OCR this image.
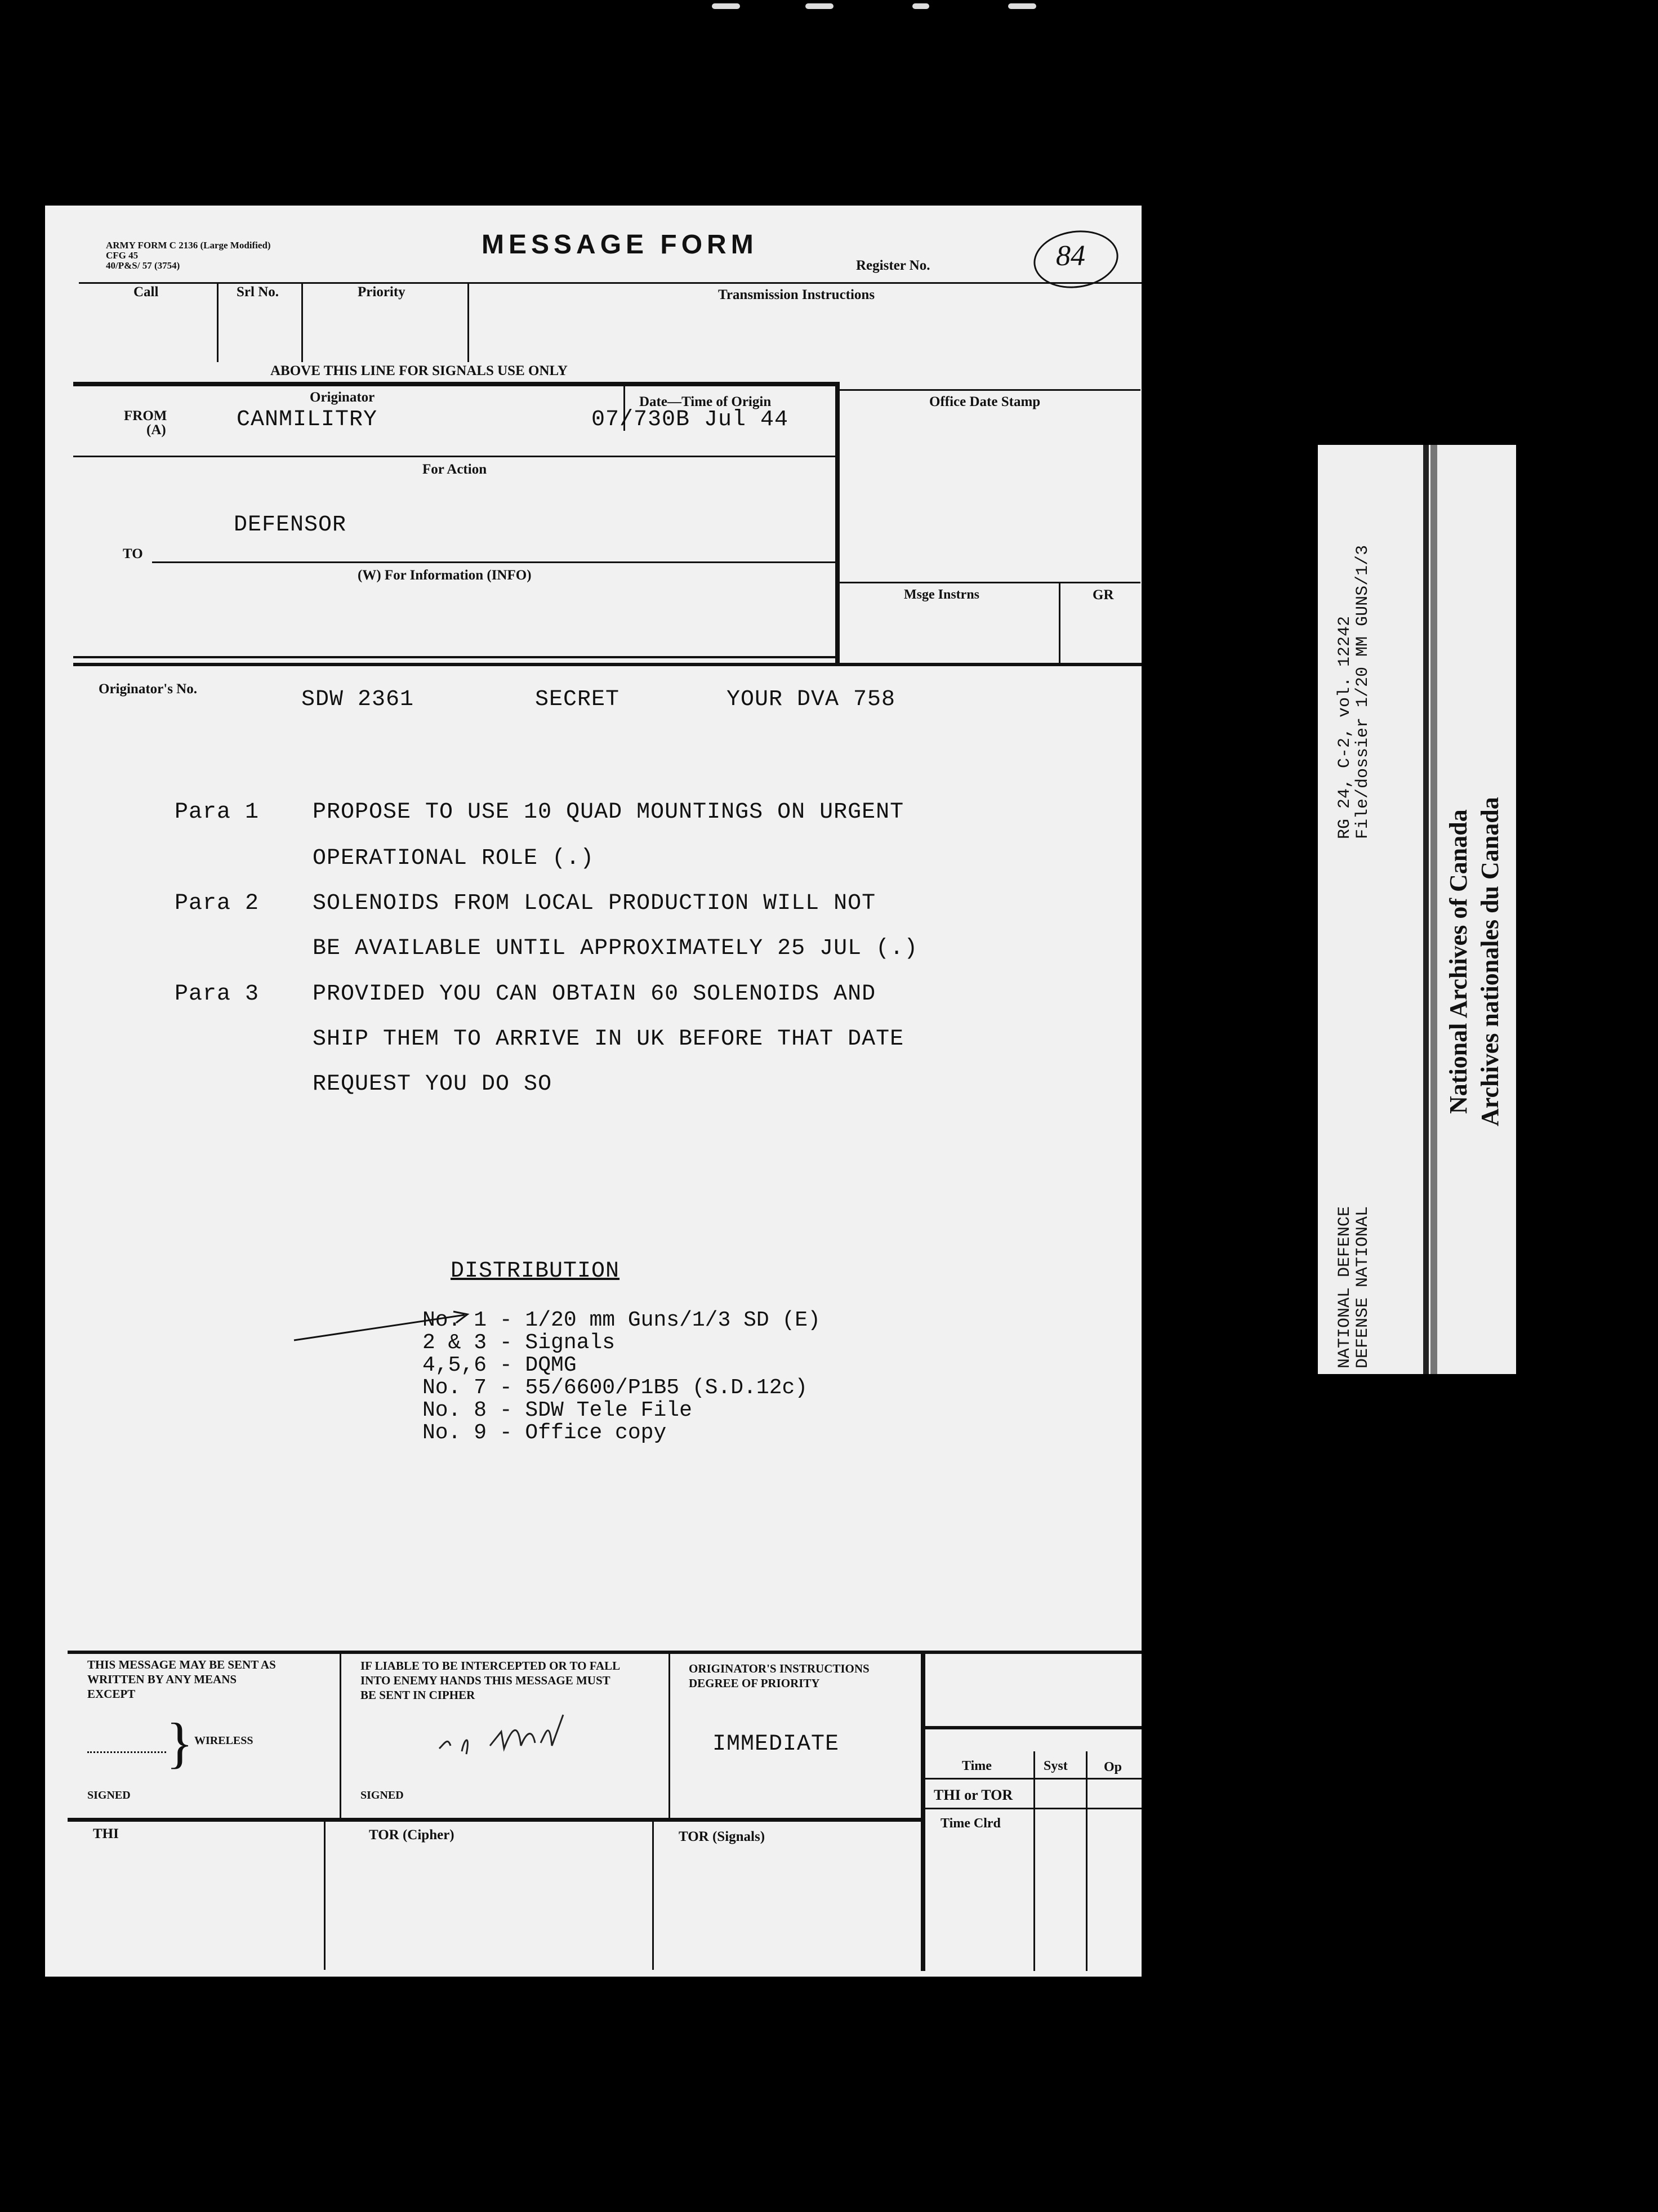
ARMY FORM C 2136 (Large Modified)
CFG 45
40/P&S/ 57 (3754)
MESSAGE FORM
Register No.	84
Call	Srl No.	Priority	Transmission Instructions
ABOVE THIS LINE FOR SIGNALS USE ONLY
Originator	Date—Time of Origin	Office Date Stamp
FROM
(A)	CANMILITRY	07/730B Jul 44
For Action
DEFENSOR
TO
(W) For Information (INFO)
Msge Instrns	GR
Originator's No.	SDW 2361	SECRET	YOUR DVA 758
Para 1 PROPOSE TO USE 10 QUAD MOUNTINGS ON URGENT
OPERATIONAL ROLE (.)
Para 2 SOLENOIDS FROM LOCAL PRODUCTION WILL NOT
BE AVAILABLE UNTIL APPROXIMATELY 25 JUL (.)
Para 3 PROVIDED YOU CAN OBTAIN 60 SOLENOIDS AND
SHIP THEM TO ARRIVE IN UK BEFORE THAT DATE
REQUEST YOU DO SO
DISTRIBUTION
No. 1 - 1/20 mm Guns/1/3 SD (E)
2 & 3 - Signals
4,5,6 - DQMG
No. 7 - 55/6600/P1B5 (S.D.12c)
No. 8 - SDW Tele File
No. 9 - Office copy
THIS MESSAGE MAY BE SENT AS
WRITTEN BY ANY MEANS
EXCEPT
} WIRELESS
SIGNED
IF LIABLE TO BE INTERCEPTED OR TO FALL
INTO ENEMY HANDS THIS MESSAGE MUST
BE SENT IN CIPHER
SIGNED
ORIGINATOR'S INSTRUCTIONS
DEGREE OF PRIORITY
IMMEDIATE
Time	Syst	Op
THI or TOR
Time Clrd
THI	TOR (Cipher)	TOR (Signals)
RG 24, C-2, vol. 12242
File/dossier 1/20 MM GUNS/1/3
NATIONAL DEFENCE
DEFENSE NATIONAL
National Archives of Canada Archives nationales du Canada
